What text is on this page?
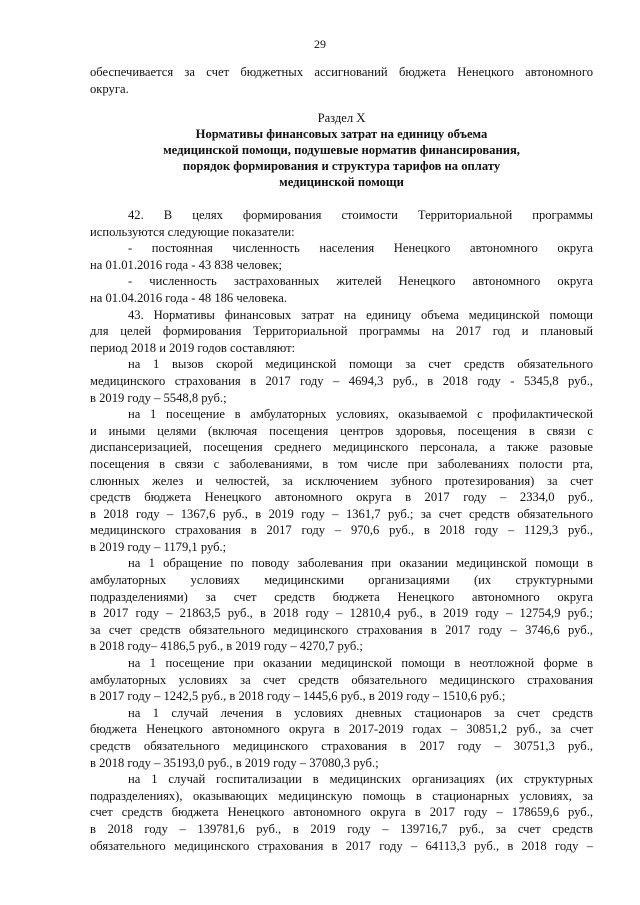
29

обеспечивается за счет бюджетных ассигнований бюджета Ненецкого автономного

округа.

Раздел X

Нормативы финансовых затрат на единицу объема

медицинской помощи, подушевые норматив финансирования,

порядок формирования и структура тарифов на оплату

медицинской помощи

42. В целях формирования стоимости Территориальной программы

используются следующие показатели:

- постоянная численность населения Ненецкого автономного округа

на 01.01.2016 года - 43 838 человек;

- численность застрахованных жителей Ненецкого автономного округа

на 01.04.2016 года - 48 186 человека.

43. Нормативы финансовых затрат на единицу объема медицинской помощи

для целей формирования Территориальной программы на 2017 год и плановый

период 2018 и 2019 годов составляют:

на 1 вызов скорой медицинской помощи за счет средств обязательного

медицинского страхования в 2017 году – 4694,3 руб., в 2018 году - 5345,8 руб.,

в 2019 году – 5548,8 руб.;

на 1 посещение в амбулаторных условиях, оказываемой с профилактической

и иными целями (включая посещения центров здоровья, посещения в связи с

диспансеризацией, посещения среднего медицинского персонала, а также разовые

посещения в связи с заболеваниями, в том числе при заболеваниях полости рта,

слюнных желез и челюстей, за исключением зубного протезирования) за счет

средств бюджета Ненецкого автономного округа в 2017 году – 2334,0 руб.,

в 2018 году – 1367,6 руб., в 2019 году – 1361,7 руб.; за счет средств обязательного

медицинского страхования в 2017 году – 970,6 руб., в 2018 году – 1129,3 руб.,

в 2019 году – 1179,1 руб.;

на 1 обращение по поводу заболевания при оказании медицинской помощи в

амбулаторных условиях медицинскими организациями (их структурными

подразделениями) за счет средств бюджета Ненецкого автономного округа

в 2017 году – 21863,5 руб., в 2018 году – 12810,4 руб., в 2019 году – 12754,9 руб.;

за счет средств обязательного медицинского страхования в 2017 году – 3746,6 руб.,

в 2018 году– 4186,5 руб., в 2019 году – 4270,7 руб.;

на 1 посещение при оказании медицинской помощи в неотложной форме в

амбулаторных условиях за счет средств обязательного медицинского страхования

в 2017 году – 1242,5 руб., в 2018 году – 1445,6 руб., в 2019 году – 1510,6 руб.;

на 1 случай лечения в условиях дневных стационаров за счет средств

бюджета Ненецкого автономного округа в 2017-2019 годах – 30851,2 руб., за счет

средств обязательного медицинского страхования в 2017 году – 30751,3 руб.,

в 2018 году – 35193,0 руб., в 2019 году – 37080,3 руб.;

на 1 случай госпитализации в медицинских организациях (их структурных

подразделениях), оказывающих медицинскую помощь в стационарных условиях, за

счет средств бюджета Ненецкого автономного округа в 2017 году – 178659,6 руб.,

в 2018 году – 139781,6 руб., в 2019 году – 139716,7 руб., за счет средств

обязательного медицинского страхования в 2017 году – 64113,3 руб., в 2018 году –
